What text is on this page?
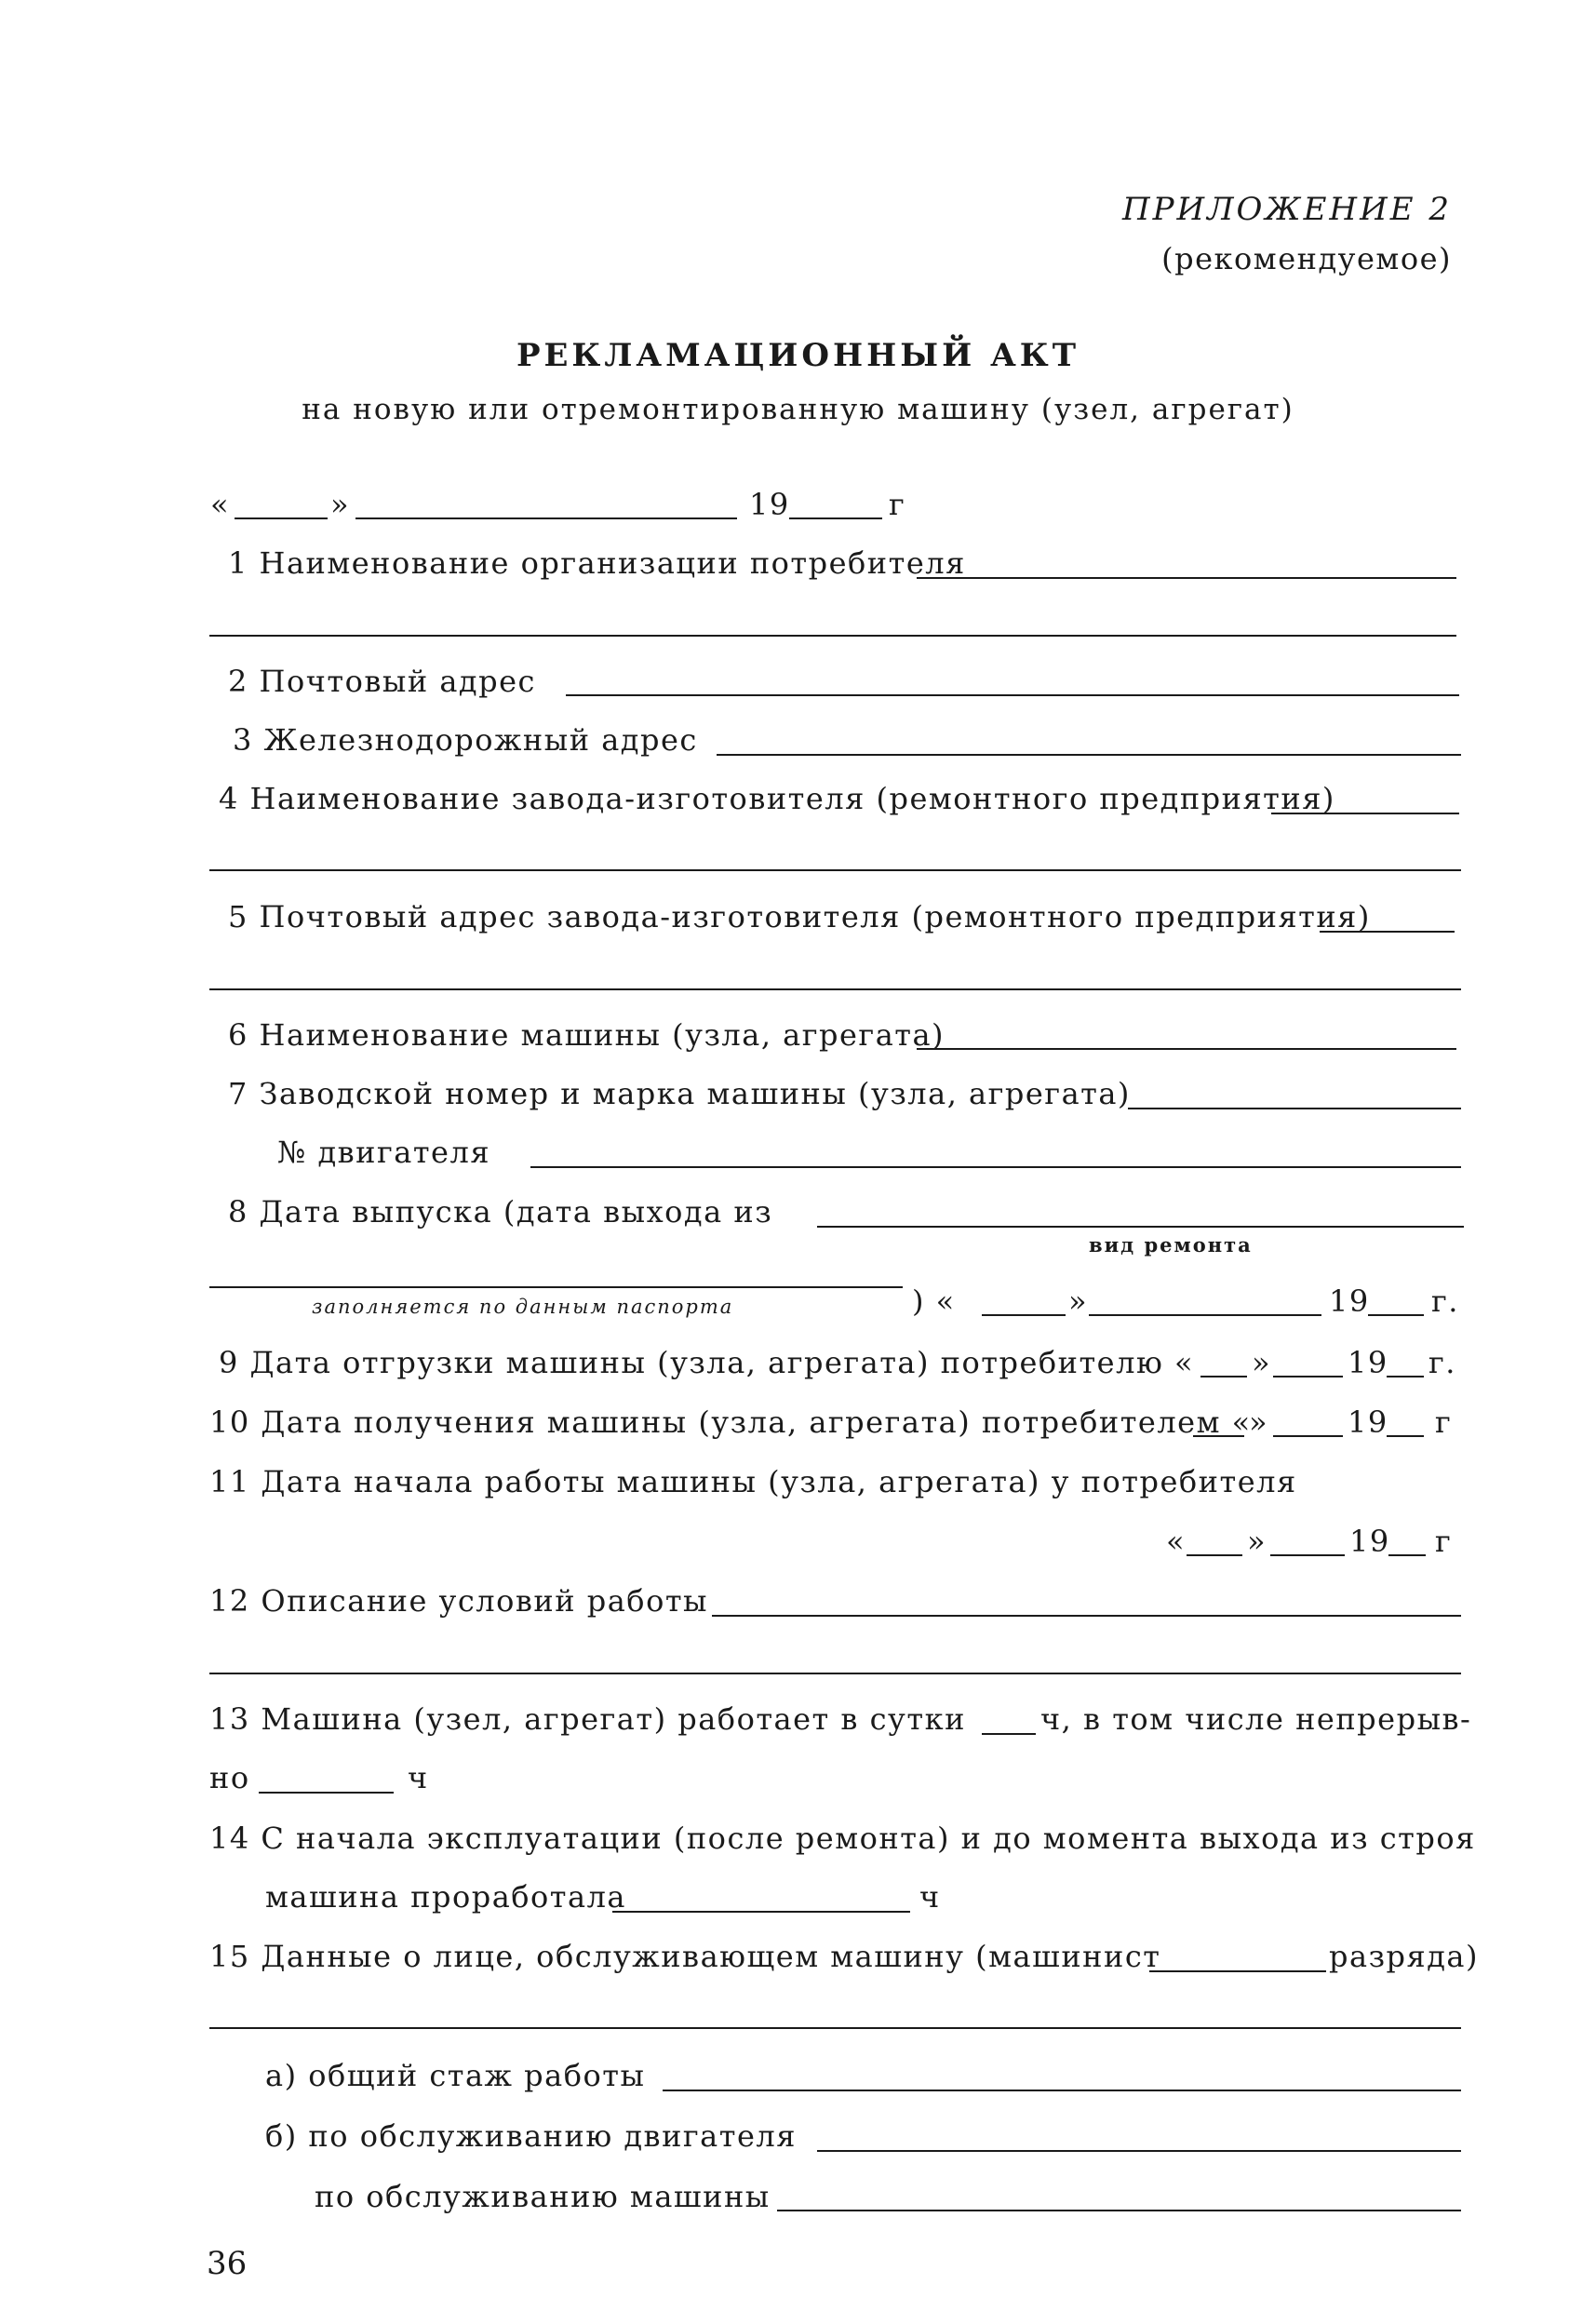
ПРИЛОЖЕНИЕ 2
(рекомендуемое)
РЕКЛАМАЦИОННЫЙ АКТ
на новую или отремонтированную машину (узел, агрегат)
«	»	19	г
1 Наименование организации потребителя
2 Почтовый адрес
3 Железнодорожный адрес
4 Наименование завода-изготовителя (ремонтного предприятия)
5 Почтовый адрес завода-изготовителя (ремонтного предприятия)
6 Наименование машины (узла, агрегата)
7 Заводской номер и марка машины (узла, агрегата)
№ двигателя
8 Дата выпуска (дата выхода из
вид ремонта
заполняется по данным паспорта	) «	»	19 г.
9 Дата отгрузки машины (узла, агрегата) потребителю « »	19 г.
10 Дата получения машины (узла, агрегата) потребителем «
»	19 г
11 Дата начала работы машины (узла, агрегата) у потребителя
« »	19 г
12 Описание условий работы
13 Машина (узел, агрегат) работает в сутки	ч, в том числе непрерыв-
но	ч
14 С начала эксплуатации (после ремонта) и до момента выхода из строя
машина проработала	ч
15 Данные о лице, обслуживающем машину (машинист	разряда)
а) общий стаж работы
б) по обслуживанию двигателя
по обслуживанию машины
36
